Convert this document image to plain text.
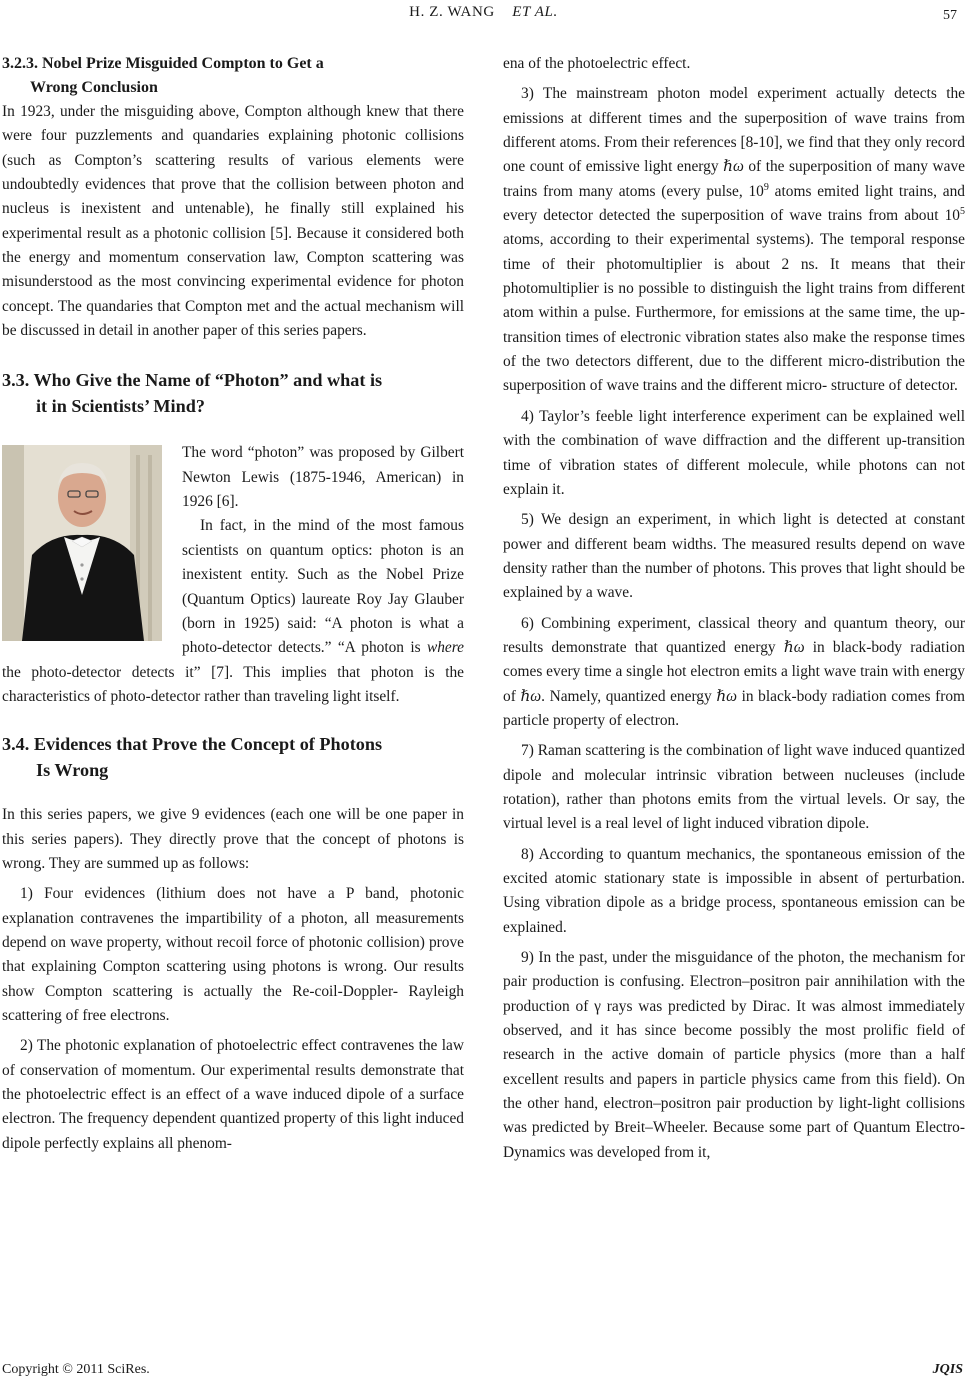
H. Z. WANG ET AL.	57
3.2.3. Nobel Prize Misguided Compton to Get a
Wrong Conclusion

In 1923, under the misguiding above, Compton although knew that there were four puzzlements and quandaries explaining photonic collisions (such as Compton’s scattering results of various elements were undoubtedly evidences that prove that the collision between photon and nucleus is inexistent and untenable), he finally still explained his experimental result as a photonic collision [5]. Because it considered both the energy and momentum conservation law, Compton scattering was misunderstood as the most convincing experimental evidence for photon concept. The quandaries that Compton met and the actual mechanism will be discussed in detail in another paper of this series papers.

3.3. Who Give the Name of “Photon” and what is
it in Scientists’ Mind?

The word “photon” was proposed by Gilbert Newton Lewis (1875-1946, American) in 1926 [6].

In fact, in the mind of the most famous scientists on quantum optics: photon is an inexistent entity. Such as the Nobel Prize (Quantum Optics) laureate Roy Jay Glauber (born in 1925) said: “A photon is what a photo-detector detects.” “A photon is where the photo-detector detects it” [7]. This implies that photon is the characteristics of photo-detector rather than traveling light itself.

3.4. Evidences that Prove the Concept of Photons
Is Wrong

In this series papers, we give 9 evidences (each one will be one paper in this series papers). They directly prove that the concept of photons is wrong. They are summed up as follows:

1) Four evidences (lithium does not have a P band, photonic explanation contravenes the impartibility of a photon, all measurements depend on wave property, without recoil force of photonic collision) prove that explaining Compton scattering using photons is wrong. Our results show Compton scattering is actually the Re-coil-Doppler- Rayleigh scattering of free electrons.

2) The photonic explanation of photoelectric effect contravenes the law of conservation of momentum. Our experimental results demonstrate that the photoelectric effect is an effect of a wave induced dipole of a surface electron. The frequency dependent quantized property of this light induced dipole perfectly explains all phenom-

ena of the photoelectric effect.

3) The mainstream photon model experiment actually detects the emissions at different times and the superposition of wave trains from different atoms. From their references [8-10], we find that they only record one count of emissive light energy ℏω of the superposition of many wave trains from many atoms (every pulse, $10^9$ atoms emited light trains, and every detector detected the superposition of wave trains from about $10^5$ atoms, according to their experimental systems). The temporal response time of their photomultiplier is about 2 ns. It means that their photomultiplier is no possible to distinguish the light trains from different atom within a pulse. Furthermore, for emissions at the same time, the up-transition times of electronic vibration states also make the response times of the two detectors different, due to the different micro-distribution the superposition of wave trains and the different micro- structure of detector.

4) Taylor’s feeble light interference experiment can be explained well with the combination of wave diffraction and the different up-transition time of vibration states of different molecule, while photons can not explain it.

5) We design an experiment, in which light is detected at constant power and different beam widths. The measured results depend on wave density rather than the number of photons. This proves that light should be explained by a wave.

6) Combining experiment, classical theory and quantum theory, our results demonstrate that quantized energy ℏω in black-body radiation comes every time a single hot electron emits a light wave train with energy of ℏω. Namely, quantized energy ℏω in black-body radiation comes from particle property of electron.

7) Raman scattering is the combination of light wave induced quantized dipole and molecular intrinsic vibration between nucleuses (include rotation), rather than photons emits from the virtual levels. Or say, the virtual level is a real level of light induced vibration dipole.

8) According to quantum mechanics, the spontaneous emission of the excited atomic stationary state is impossible in absent of perturbation. Using vibration dipole as a bridge process, spontaneous emission can be explained.

9) In the past, under the misguidance of the photon, the mechanism for pair production is confusing. Electron–positron pair annihilation with the production of γ rays was predicted by Dirac. It was almost immediately observed, and it has since become possibly the most prolific field of research in the active domain of particle physics (more than a half excellent results and papers in particle physics came from this field). On the other hand, electron–positron pair production by light-light collisions was predicted by Breit–Wheeler. Because some part of Quantum Electro-Dynamics was developed from it,

Copyright © 2011 SciRes.	JQIS
